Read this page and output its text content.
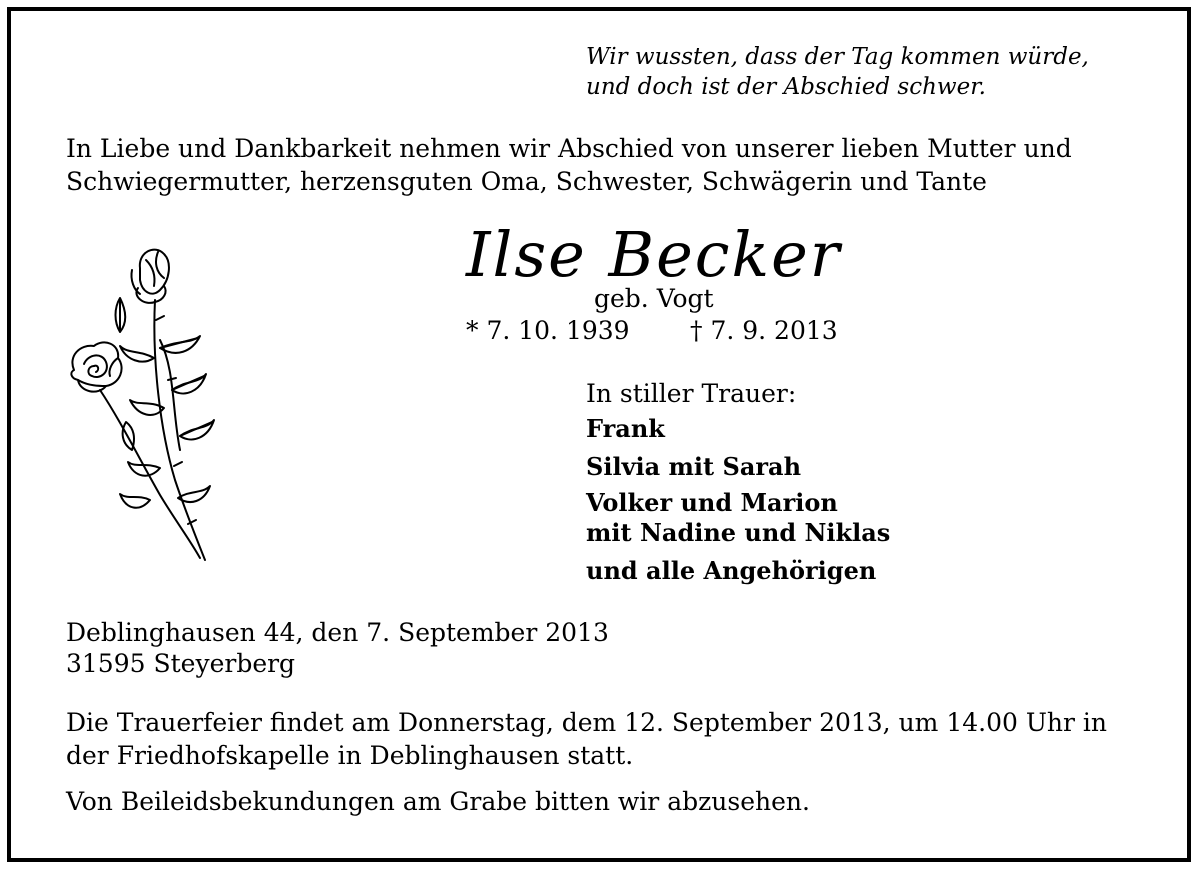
Wir wussten, dass der Tag kommen würde,
und doch ist der Abschied schwer.
In Liebe und Dankbarkeit nehmen wir Abschied von unserer lieben Mutter und
Schwiegermutter, herzensguten Oma, Schwester, Schwägerin und Tante
Ilse Becker
geb. Vogt
* 7. 10. 1939 † 7. 9. 2013
In stiller Trauer:
Frank
Silvia mit Sarah
Volker und Marion
mit Nadine und Niklas
und alle Angehörigen
Deblinghausen 44, den 7. September 2013
31595 Steyerberg
Die Trauerfeier findet am Donnerstag, dem 12. September 2013, um 14.00 Uhr in
der Friedhofskapelle in Deblinghausen statt.
Von Beileidsbekundungen am Grabe bitten wir abzusehen.
